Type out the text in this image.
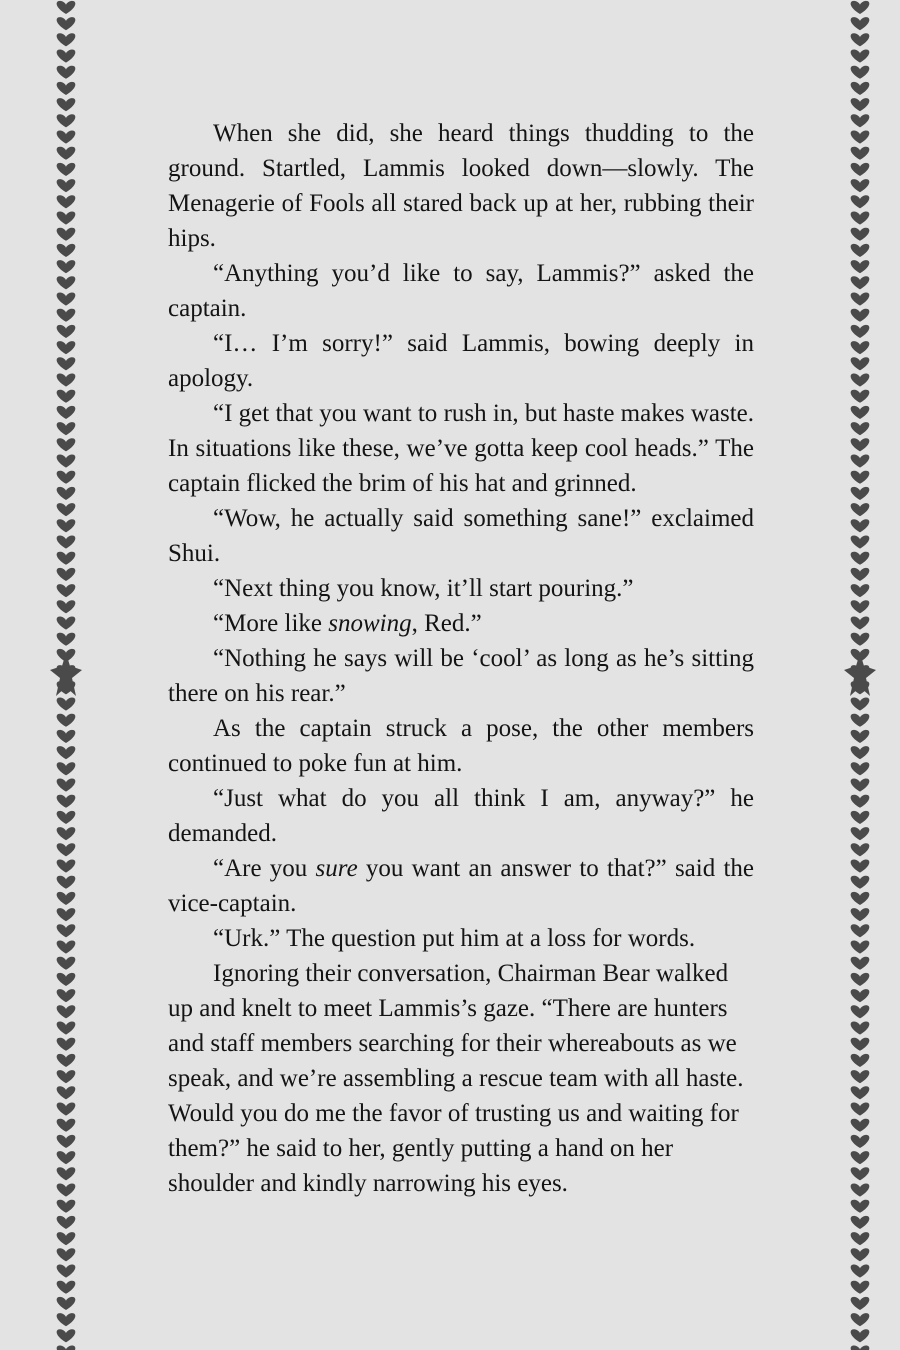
When she did, she heard things thudding to the ground. Startled, Lammis looked down—slowly. The Menagerie of Fools all stared back up at her, rubbing their hips.

“Anything you’d like to say, Lammis?” asked the captain.

“I… I’m sorry!” said Lammis, bowing deeply in apology.

“I get that you want to rush in, but haste makes waste. In situations like these, we’ve gotta keep cool heads.” The captain flicked the brim of his hat and grinned.

“Wow, he actually said something sane!” exclaimed Shui.

“Next thing you know, it’ll start pouring.”

“More like snowing, Red.”

“Nothing he says will be ‘cool’ as long as he’s sitting there on his rear.”

As the captain struck a pose, the other members continued to poke fun at him.

“Just what do you all think I am, anyway?” he demanded.

“Are you sure you want an answer to that?” said the vice-captain.

“Urk.” The question put him at a loss for words.

Ignoring their conversation, Chairman Bear walked up and knelt to meet Lammis’s gaze. “There are hunters and staff members searching for their whereabouts as we speak, and we’re assembling a rescue team with all haste. Would you do me the favor of trusting us and waiting for them?” he said to her, gently putting a hand on her shoulder and kindly narrowing his eyes.
